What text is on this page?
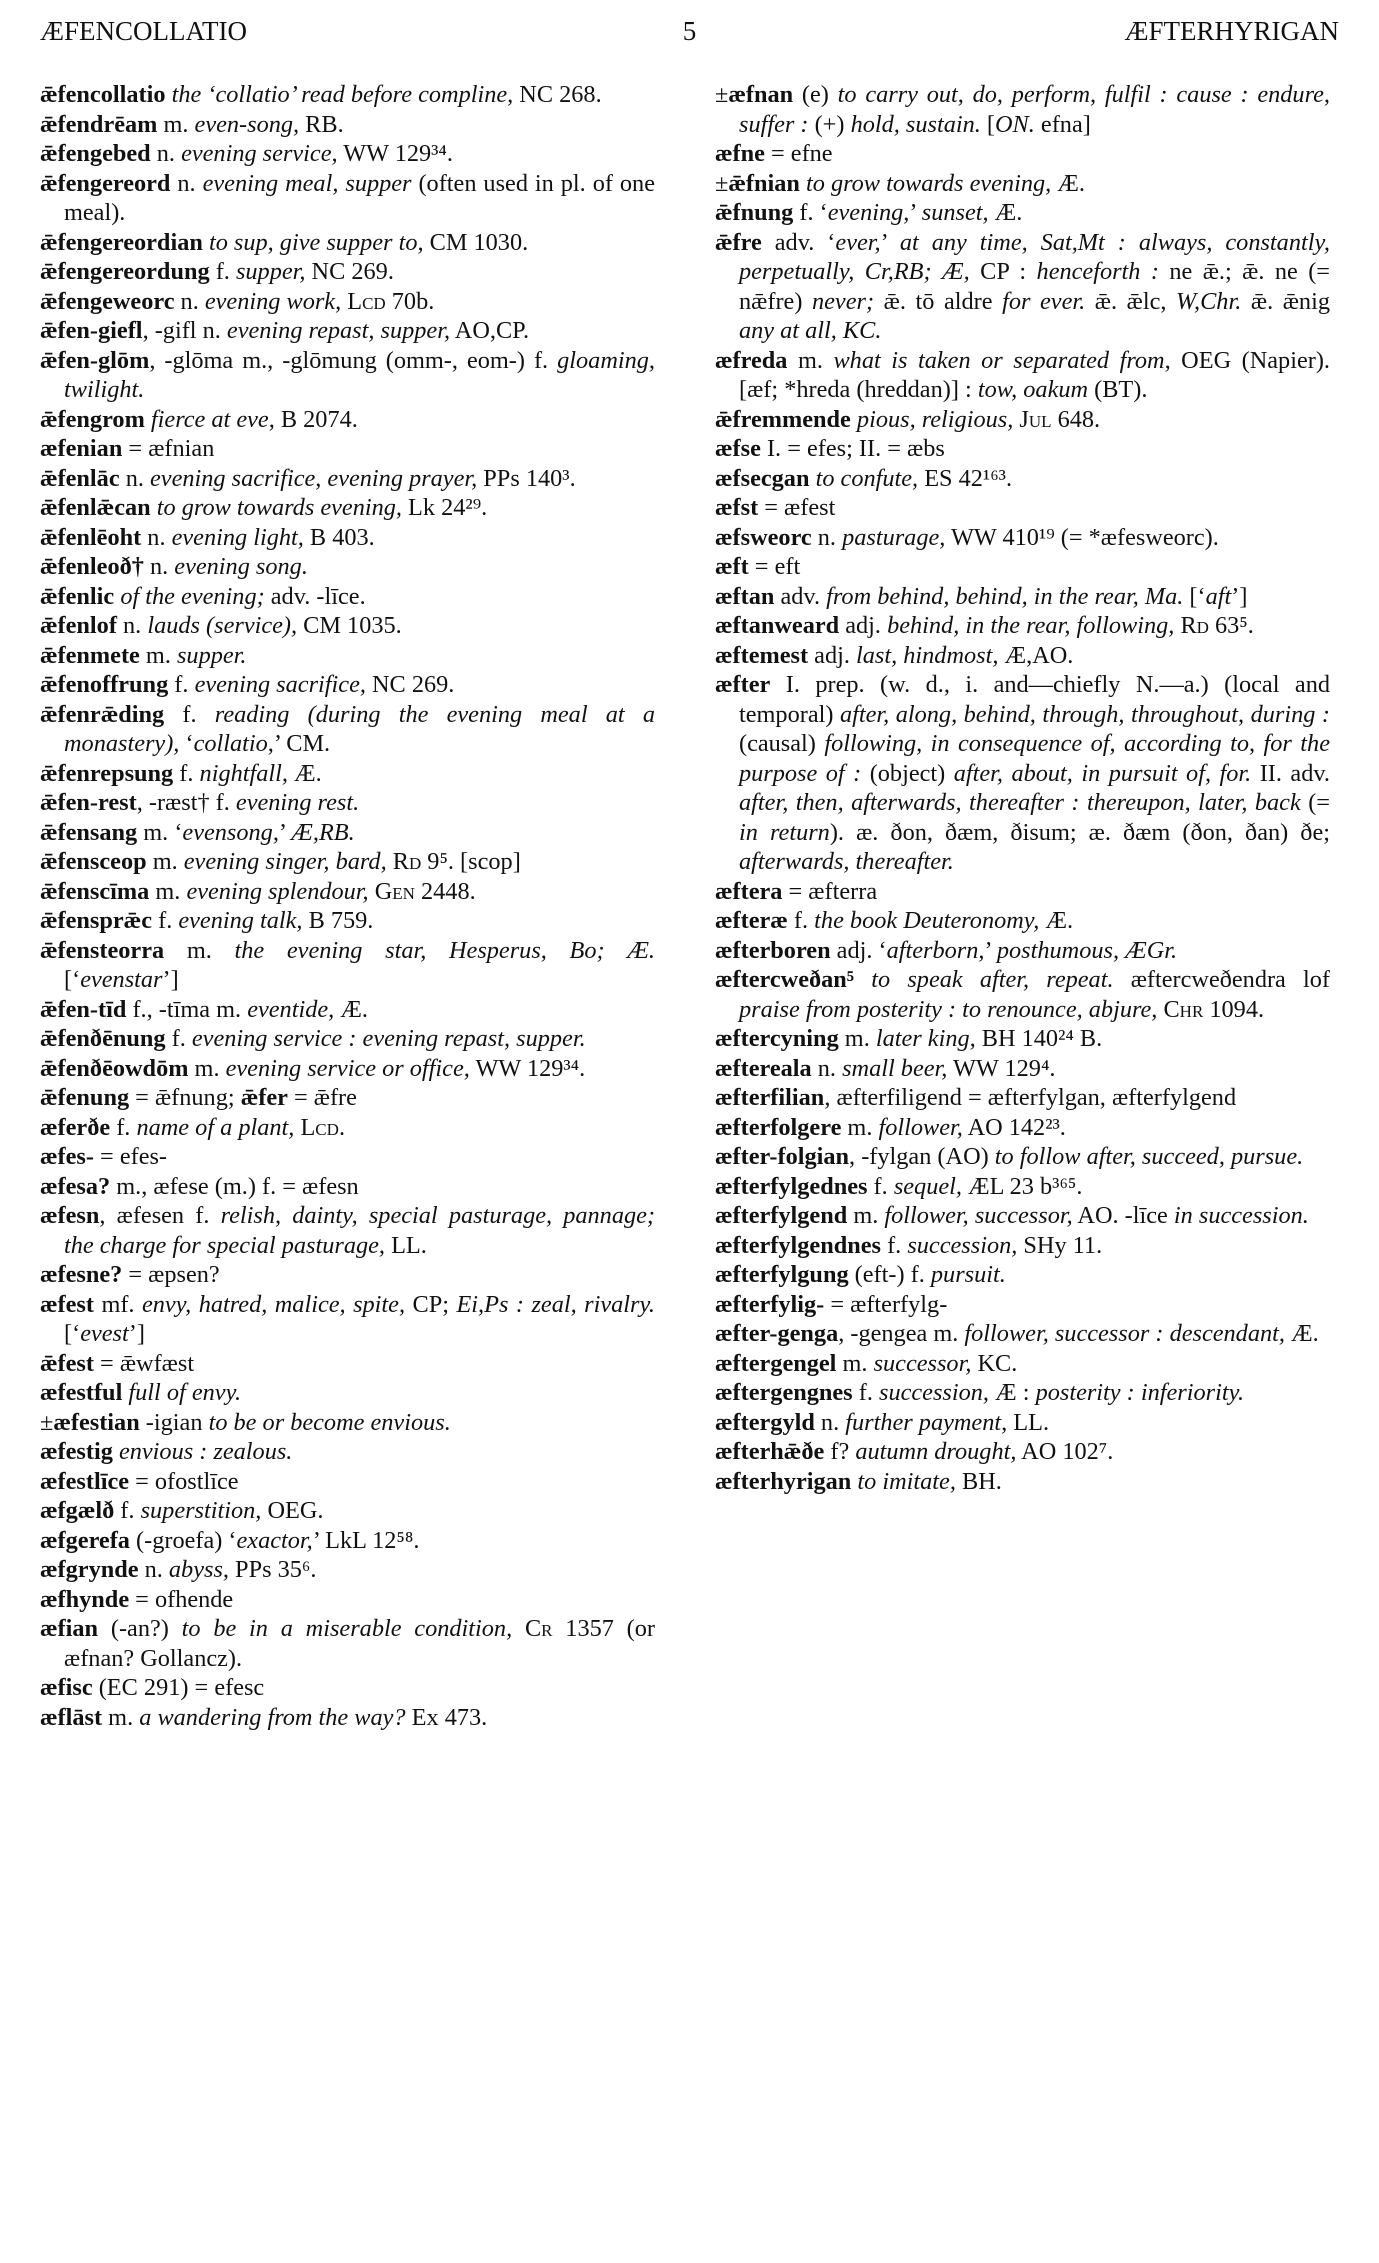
ÆFENCOLLATIO	5	ÆFTERHYRIGAN

ǣfencollatio the ‘collatio’ read before compline, NC 268.

ǣfendrēam m. even-song, RB.

ǣfengebed n. evening service, WW 129³⁴.

ǣfengereord n. evening meal, supper (often used in pl. of one meal).

ǣfengereordian to sup, give supper to, CM 1030.

ǣfengereordung f. supper, NC 269.

ǣfengeweorc n. evening work, Lcd 70b.

ǣfen-giefl, -gifl n. evening repast, supper, AO,CP.

ǣfen-glōm, -glōma m., -glōmung (omm-, eom-) f. gloaming, twilight.

ǣfengrom fierce at eve, B 2074.

æfenian = æfnian

ǣfenlāc n. evening sacrifice, evening prayer, PPs 140³.

ǣfenlǣcan to grow towards evening, Lk 24²⁹.

ǣfenlēoht n. evening light, B 403.

ǣfenleoð† n. evening song.

ǣfenlic of the evening; adv. -līce.

ǣfenlof n. lauds (service), CM 1035.

ǣfenmete m. supper.

ǣfenoffrung f. evening sacrifice, NC 269.

ǣfenrǣding f. reading (during the evening meal at a monastery), ‘collatio,’ CM.

ǣfenrepsung f. nightfall, Æ.

ǣfen-rest, -ræst† f. evening rest.

ǣfensang m. ‘evensong,’ Æ,RB.

ǣfensceop m. evening singer, bard, Rd 9⁵. [scop]

ǣfenscīma m. evening splendour, Gen 2448.

ǣfensprǣc f. evening talk, B 759.

ǣfensteorra m. the evening star, Hesperus, Bo; Æ. [‘evenstar’]

ǣfen-tīd f., -tīma m. eventide, Æ.

ǣfenðēnung f. evening service : evening repast, supper.

ǣfenðēowdōm m. evening service or office, WW 129³⁴.

ǣfenung = ǣfnung; ǣfer = ǣfre

æferðe f. name of a plant, Lcd.

æfes- = efes-

æfesa? m., æfese (m.) f. = æfesn

æfesn, æfesen f. relish, dainty, special pasturage, pannage; the charge for special pasturage, LL.

æfesne? = æpsen?

æfest mf. envy, hatred, malice, spite, CP; Ei,Ps : zeal, rivalry. [‘evest’]

ǣfest = ǣwfæst

æfestful full of envy.

±æfestian -igian to be or become envious.

æfestig envious : zealous.

æfestlīce = ofostlīce

æfgælð f. superstition, OEG.

æfgerefa (-groefa) ‘exactor,’ LkL 12⁵⁸.

æfgrynde n. abyss, PPs 35⁶.

æfhynde = ofhende

æfian (-an?) to be in a miserable condition, Cr 1357 (or æfnan? Gollancz).

æfisc (EC 291) = efesc

æflāst m. a wandering from the way? Ex 473.

±æfnan (e) to carry out, do, perform, fulfil : cause : endure, suffer : (+) hold, sustain. [ON. efna]

æfne = efne

±ǣfnian to grow towards evening, Æ.

ǣfnung f. ‘evening,’ sunset, Æ.

ǣfre adv. ‘ever,’ at any time, Sat,Mt : always, constantly, perpetually, Cr,RB; Æ, CP : henceforth : ne ǣ.; ǣ. ne (= nǣfre) never; ǣ. tō aldre for ever. ǣ. ǣlc, W,Chr. ǣ. ǣnig any at all, KC.

æfreda m. what is taken or separated from, OEG (Napier). [æf; *hreda (hreddan)] : tow, oakum (BT).

ǣfremmende pious, religious, Jul 648.

æfse I. = efes; II. = æbs

æfsecgan to confute, ES 42¹⁶³.

æfst = æfest

æfsweorc n. pasturage, WW 410¹⁹ (= *æfesweorc).

æft = eft

æftan adv. from behind, behind, in the rear, Ma. [‘aft’]

æftanweard adj. behind, in the rear, following, Rd 63⁵.

æftemest adj. last, hindmost, Æ,AO.

æfter I. prep. (w. d., i. and—chiefly N.—a.) (local and temporal) after, along, behind, through, throughout, during : (causal) following, in consequence of, according to, for the purpose of : (object) after, about, in pursuit of, for. II. adv. after, then, afterwards, thereafter : thereupon, later, back (= in return). æ. ðon, ðæm, ðisum; æ. ðæm (ðon, ðan) ðe; afterwards, thereafter.

æftera = æfterra

æfteræ f. the book Deuteronomy, Æ.

æfterboren adj. ‘afterborn,’ posthumous, ÆGr.

æftercweðan⁵ to speak after, repeat. æftercweðendra lof praise from posterity : to renounce, abjure, Chr 1094.

æftercyning m. later king, BH 140²⁴ B.

æftereala n. small beer, WW 129⁴.

æfterfilian, æfterfiligend = æfterfylgan, æfterfylgend

æfterfolgere m. follower, AO 142²³.

æfter-folgian, -fylgan (AO) to follow after, succeed, pursue.

æfterfylgednes f. sequel, ÆL 23 b³⁶⁵.

æfterfylgend m. follower, successor, AO. -līce in succession.

æfterfylgendnes f. succession, SHy 11.

æfterfylgung (eft-) f. pursuit.

æfterfylig- = æfterfylg-

æfter-genga, -gengea m. follower, successor : descendant, Æ.

æftergengel m. successor, KC.

æftergengnes f. succession, Æ : posterity : inferiority.

æftergyld n. further payment, LL.

æfterhǣðe f? autumn drought, AO 102⁷.

æfterhyrigan to imitate, BH.
